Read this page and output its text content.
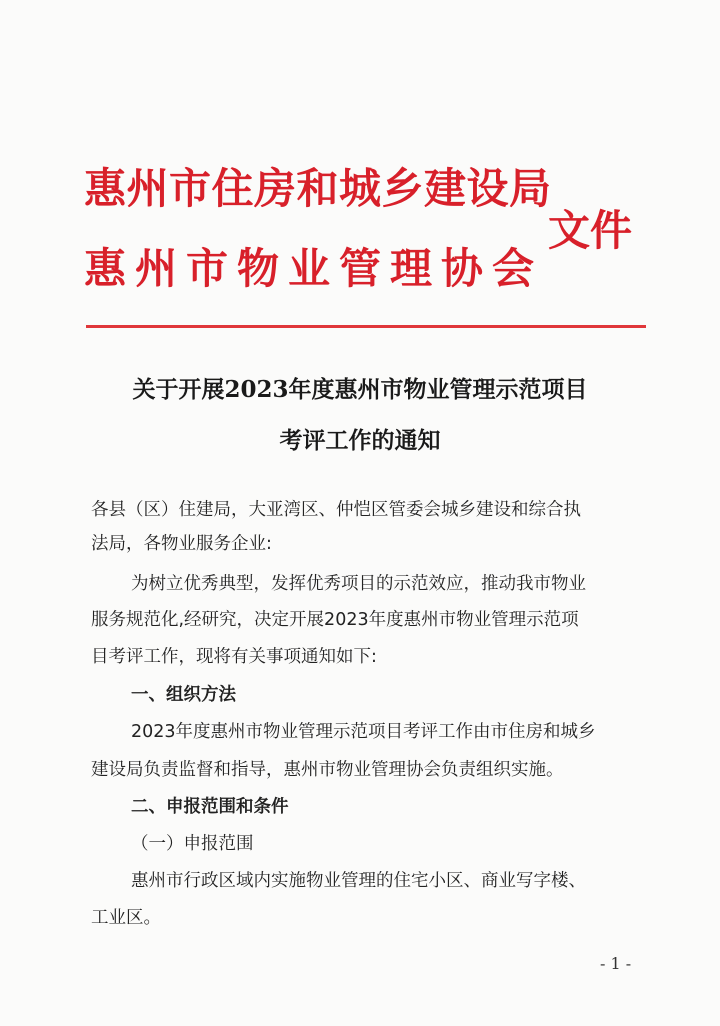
惠州市住房和城乡建设局
惠州市物业管理协会
文件
关于开展2023年度惠州市物业管理示范项目
考评工作的通知
各县（区）住建局，大亚湾区、仲恺区管委会城乡建设和综合执
法局，各物业服务企业:
为树立优秀典型，发挥优秀项目的示范效应，推动我市物业
服务规范化,经研究，决定开展2023年度惠州市物业管理示范项
目考评工作，现将有关事项通知如下:
一、组织方法
2023年度惠州市物业管理示范项目考评工作由市住房和城乡
建设局负责监督和指导，惠州市物业管理协会负责组织实施。
二、申报范围和条件
（一）申报范围
惠州市行政区域内实施物业管理的住宅小区、商业写字楼、
工业区。
- 1 -
